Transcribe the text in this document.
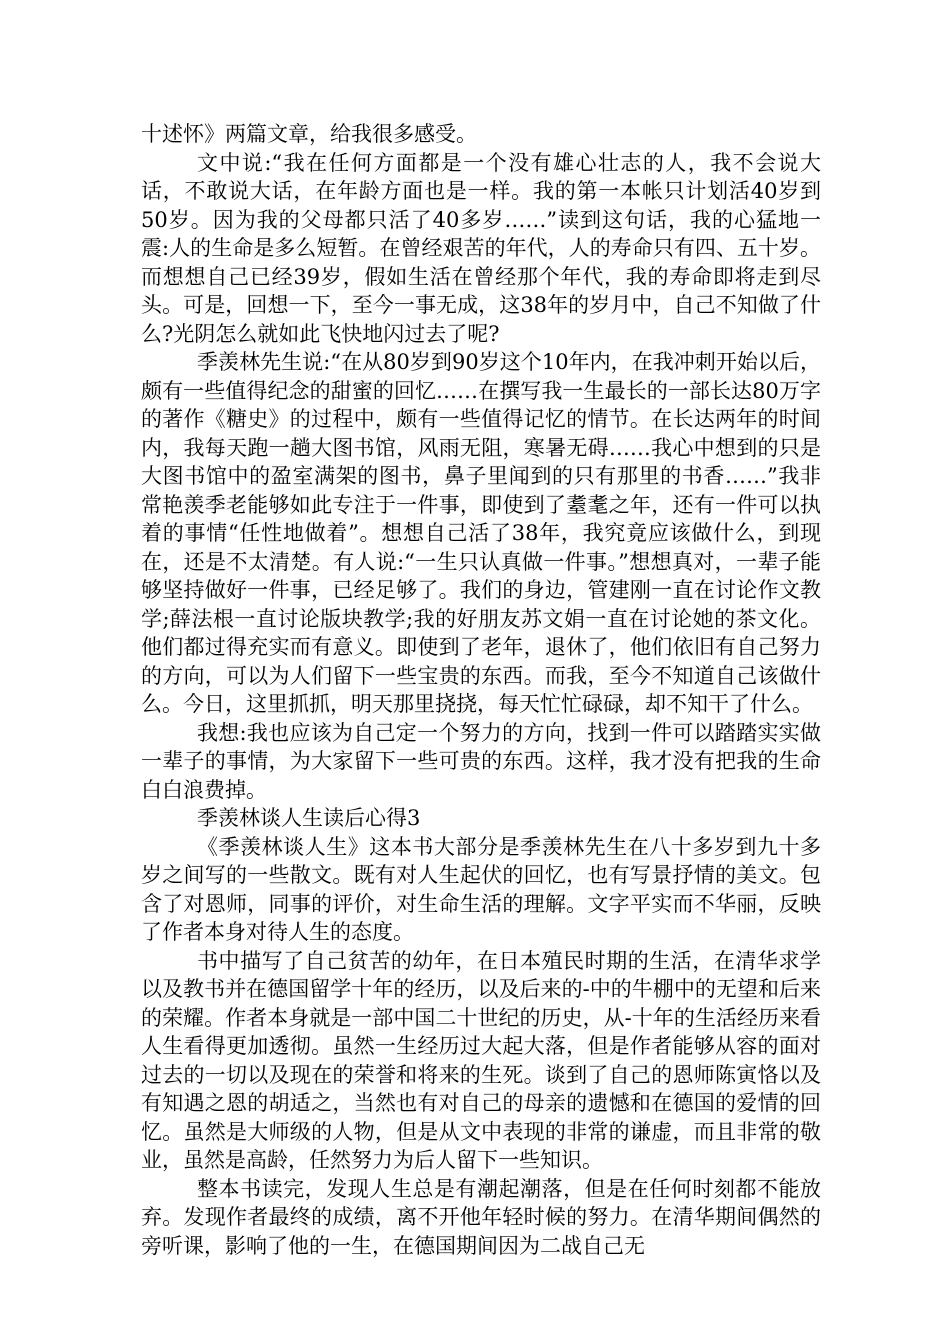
十述怀》两篇文章，给我很多感受。

文中说:“我在任何方面都是一个没有雄心壮志的人，我不会说大话，不敢说大话，在年龄方面也是一样。我的第一本帐只计划活40岁到50岁。因为我的父母都只活了40多岁……”读到这句话，我的心猛地一震:人的生命是多么短暂。在曾经艰苦的年代，人的寿命只有四、五十岁。而想想自己已经39岁，假如生活在曾经那个年代，我的寿命即将走到尽头。可是，回想一下，至今一事无成，这38年的岁月中，自己不知做了什么?光阴怎么就如此飞快地闪过去了呢?

季羡林先生说:“在从80岁到90岁这个10年内，在我冲刺开始以后，颇有一些值得纪念的甜蜜的回忆……在撰写我一生最长的一部长达80万字的著作《糖史》的过程中，颇有一些值得记忆的情节。在长达两年的时间内，我每天跑一趟大图书馆，风雨无阻，寒暑无碍……我心中想到的只是大图书馆中的盈室满架的图书，鼻子里闻到的只有那里的书香……”我非常艳羡季老能够如此专注于一件事，即使到了耋耄之年，还有一件可以执着的事情“任性地做着”。想想自己活了38年，我究竟应该做什么，到现在，还是不太清楚。有人说:“一生只认真做一件事。”想想真对，一辈子能够坚持做好一件事，已经足够了。我们的身边，管建刚一直在讨论作文教学;薛法根一直讨论版块教学;我的好朋友苏文娟一直在讨论她的茶文化。他们都过得充实而有意义。即使到了老年，退休了，他们依旧有自己努力的方向，可以为人们留下一些宝贵的东西。而我，至今不知道自己该做什么。今日，这里抓抓，明天那里挠挠，每天忙忙碌碌，却不知干了什么。

我想:我也应该为自己定一个努力的方向，找到一件可以踏踏实实做一辈子的事情，为大家留下一些可贵的东西。这样，我才没有把我的生命白白浪费掉。

季羡林谈人生读后心得3

《季羡林谈人生》这本书大部分是季羡林先生在八十多岁到九十多岁之间写的一些散文。既有对人生起伏的回忆，也有写景抒情的美文。包含了对恩师，同事的评价，对生命生活的理解。文字平实而不华丽，反映了作者本身对待人生的态度。

书中描写了自己贫苦的幼年，在日本殖民时期的生活，在清华求学以及教书并在德国留学十年的经历，以及后来的-中的牛棚中的无望和后来的荣耀。作者本身就是一部中国二十世纪的历史，从-十年的生活经历来看人生看得更加透彻。虽然一生经历过大起大落，但是作者能够从容的面对过去的一切以及现在的荣誉和将来的生死。谈到了自己的恩师陈寅恪以及有知遇之恩的胡适之，当然也有对自己的母亲的遗憾和在德国的爱情的回忆。虽然是大师级的人物，但是从文中表现的非常的谦虚，而且非常的敬业，虽然是高龄，任然努力为后人留下一些知识。

整本书读完，发现人生总是有潮起潮落，但是在任何时刻都不能放弃。发现作者最终的成绩，离不开他年轻时候的努力。在清华期间偶然的旁听课，影响了他的一生，在德国期间因为二战自己无
